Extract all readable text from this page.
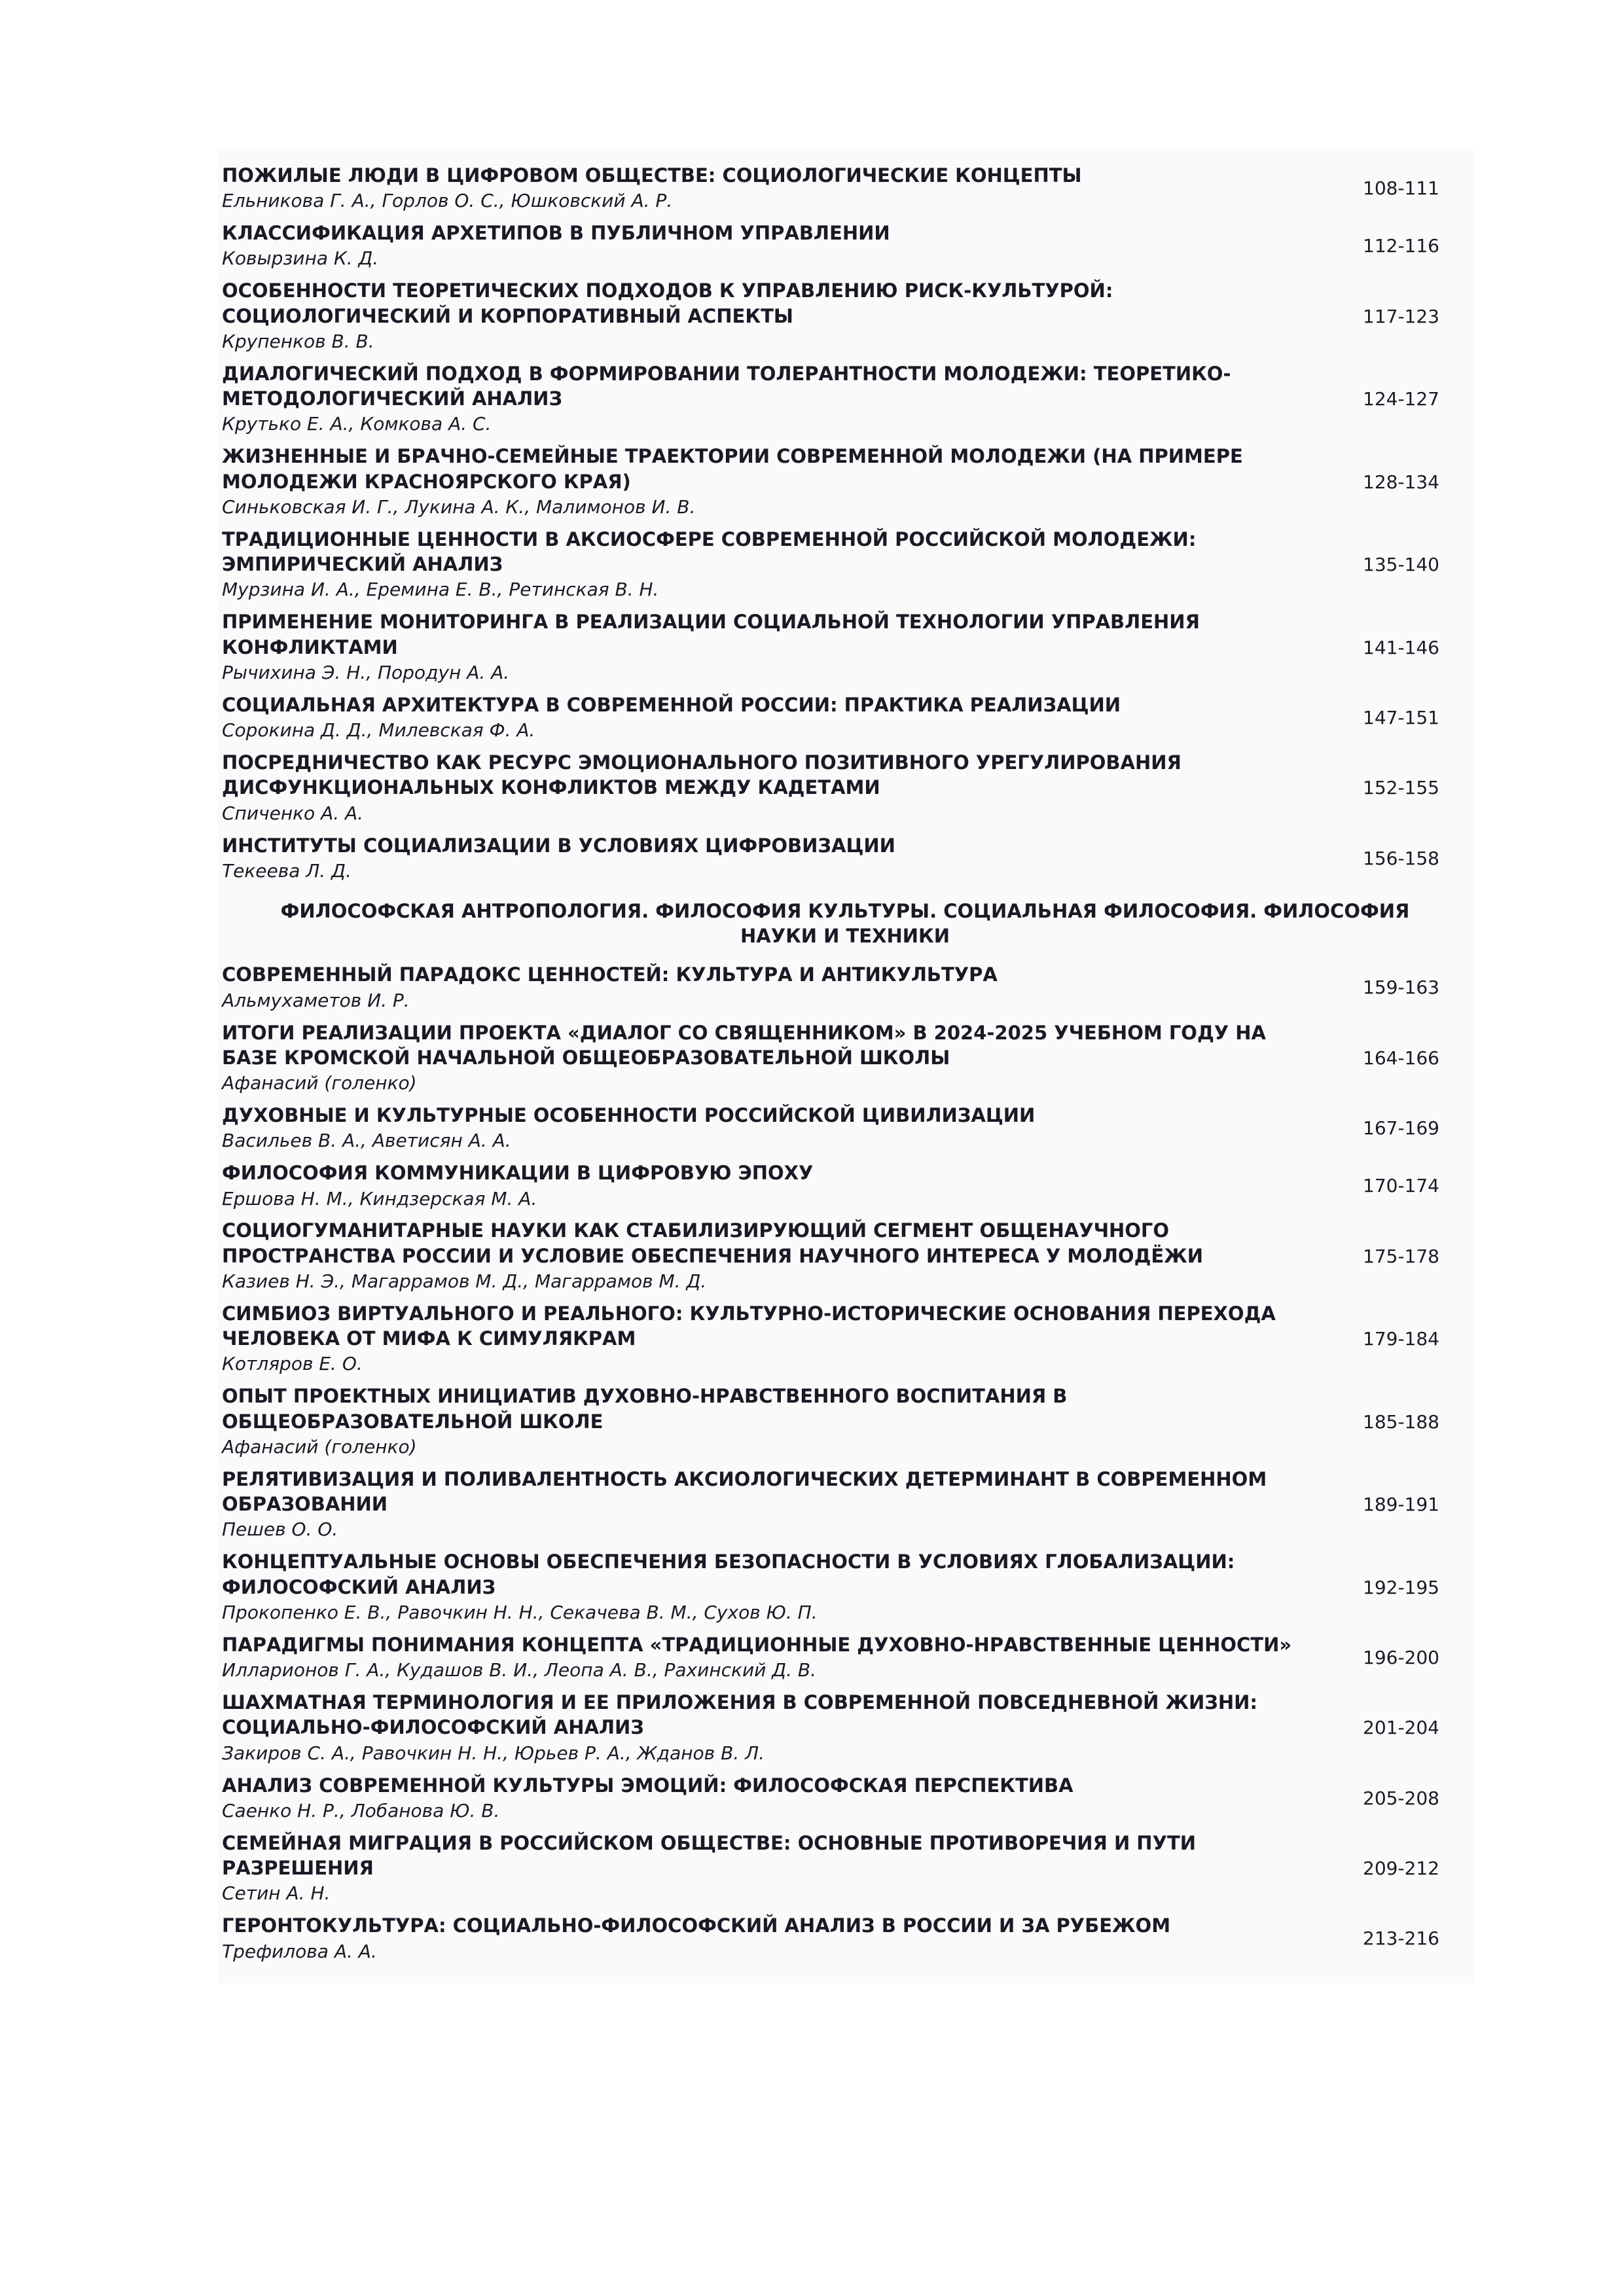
ПОЖИЛЫЕ ЛЮДИ В ЦИФРОВОМ ОБЩЕСТВЕ: СОЦИОЛОГИЧЕСКИЕ КОНЦЕПТЫ
Ельникова Г. А., Горлов О. С., Юшковский А. Р.
108-111
КЛАССИФИКАЦИЯ АРХЕТИПОВ В ПУБЛИЧНОМ УПРАВЛЕНИИ
Ковырзина К. Д.
112-116
ОСОБЕННОСТИ ТЕОРЕТИЧЕСКИХ ПОДХОДОВ К УПРАВЛЕНИЮ РИСК-КУЛЬТУРОЙ: СОЦИОЛОГИЧЕСКИЙ И КОРПОРАТИВНЫЙ АСПЕКТЫ
Крупенков В. В.
117-123
ДИАЛОГИЧЕСКИЙ ПОДХОД В ФОРМИРОВАНИИ ТОЛЕРАНТНОСТИ МОЛОДЕЖИ: ТЕОРЕТИКО-МЕТОДОЛОГИЧЕСКИЙ АНАЛИЗ
Крутько Е. А., Комкова А. С.
124-127
ЖИЗНЕННЫЕ И БРАЧНО-СЕМЕЙНЫЕ ТРАЕКТОРИИ СОВРЕМЕННОЙ МОЛОДЕЖИ (НА ПРИМЕРЕ МОЛОДЕЖИ КРАСНОЯРСКОГО КРАЯ)
Синьковская И. Г., Лукина А. К., Малимонов И. В.
128-134
ТРАДИЦИОННЫЕ ЦЕННОСТИ В АКСИОСФЕРЕ СОВРЕМЕННОЙ РОССИЙСКОЙ МОЛОДЕЖИ: ЭМПИРИЧЕСКИЙ АНАЛИЗ
Мурзина И. А., Еремина Е. В., Ретинская В. Н.
135-140
ПРИМЕНЕНИЕ МОНИТОРИНГА В РЕАЛИЗАЦИИ СОЦИАЛЬНОЙ ТЕХНОЛОГИИ УПРАВЛЕНИЯ КОНФЛИКТАМИ
Рычихина Э. Н., Породун А. А.
141-146
СОЦИАЛЬНАЯ АРХИТЕКТУРА В СОВРЕМЕННОЙ РОССИИ: ПРАКТИКА РЕАЛИЗАЦИИ
Сорокина Д. Д., Милевская Ф. А.
147-151
ПОСРЕДНИЧЕСТВО КАК РЕСУРС ЭМОЦИОНАЛЬНОГО ПОЗИТИВНОГО УРЕГУЛИРОВАНИЯ ДИСФУНКЦИОНАЛЬНЫХ КОНФЛИКТОВ МЕЖДУ КАДЕТАМИ
Спиченко А. А.
152-155
ИНСТИТУТЫ СОЦИАЛИЗАЦИИ В УСЛОВИЯХ ЦИФРОВИЗАЦИИ
Текеева Л. Д.
156-158
ФИЛОСОФСКАЯ АНТРОПОЛОГИЯ. ФИЛОСОФИЯ КУЛЬТУРЫ. СОЦИАЛЬНАЯ ФИЛОСОФИЯ. ФИЛОСОФИЯ НАУКИ И ТЕХНИКИ
СОВРЕМЕННЫЙ ПАРАДОКС ЦЕННОСТЕЙ: КУЛЬТУРА И АНТИКУЛЬТУРА
Альмухаметов И. Р.
159-163
ИТОГИ РЕАЛИЗАЦИИ ПРОЕКТА «ДИАЛОГ СО СВЯЩЕННИКОМ» В 2024-2025 УЧЕБНОМ ГОДУ НА БАЗЕ КРОМСКОЙ НАЧАЛЬНОЙ ОБЩЕОБРАЗОВАТЕЛЬНОЙ ШКОЛЫ
Афанасий (голенко)
164-166
ДУХОВНЫЕ И КУЛЬТУРНЫЕ ОСОБЕННОСТИ РОССИЙСКОЙ ЦИВИЛИЗАЦИИ
Васильев В. А., Аветисян А. А.
167-169
ФИЛОСОФИЯ КОММУНИКАЦИИ В ЦИФРОВУЮ ЭПОХУ
Ершова Н. М., Киндзерская М. А.
170-174
СОЦИОГУМАНИТАРНЫЕ НАУКИ КАК СТАБИЛИЗИРУЮЩИЙ СЕГМЕНТ ОБЩЕНАУЧНОГО ПРОСТРАНСТВА РОССИИ И УСЛОВИЕ ОБЕСПЕЧЕНИЯ НАУЧНОГО ИНТЕРЕСА У МОЛОДЁЖИ
Казиев Н. Э., Магаррамов М. Д., Магаррамов М. Д.
175-178
СИМБИОЗ ВИРТУАЛЬНОГО И РЕАЛЬНОГО: КУЛЬТУРНО-ИСТОРИЧЕСКИЕ ОСНОВАНИЯ ПЕРЕХОДА ЧЕЛОВЕКА ОТ МИФА К СИМУЛЯКРАМ
Котляров Е. О.
179-184
ОПЫТ ПРОЕКТНЫХ ИНИЦИАТИВ ДУХОВНО-НРАВСТВЕННОГО ВОСПИТАНИЯ В ОБЩЕОБРАЗОВАТЕЛЬНОЙ ШКОЛЕ
Афанасий (голенко)
185-188
РЕЛЯТИВИЗАЦИЯ И ПОЛИВАЛЕНТНОСТЬ АКСИОЛОГИЧЕСКИХ ДЕТЕРМИНАНТ В СОВРЕМЕННОМ ОБРАЗОВАНИИ
Пешев О. О.
189-191
КОНЦЕПТУАЛЬНЫЕ ОСНОВЫ ОБЕСПЕЧЕНИЯ БЕЗОПАСНОСТИ В УСЛОВИЯХ ГЛОБАЛИЗАЦИИ: ФИЛОСОФСКИЙ АНАЛИЗ
Прокопенко Е. В., Равочкин Н. Н., Секачева В. М., Сухов Ю. П.
192-195
ПАРАДИГМЫ ПОНИМАНИЯ КОНЦЕПТА «ТРАДИЦИОННЫЕ ДУХОВНО-НРАВСТВЕННЫЕ ЦЕННОСТИ»
Илларионов Г. А., Кудашов В. И., Леопа А. В., Рахинский Д. В.
196-200
ШАХМАТНАЯ ТЕРМИНОЛОГИЯ И ЕЕ ПРИЛОЖЕНИЯ В СОВРЕМЕННОЙ ПОВСЕДНЕВНОЙ ЖИЗНИ: СОЦИАЛЬНО-ФИЛОСОФСКИЙ АНАЛИЗ
Закиров С. А., Равочкин Н. Н., Юрьев Р. А., Жданов В. Л.
201-204
АНАЛИЗ СОВРЕМЕННОЙ КУЛЬТУРЫ ЭМОЦИЙ: ФИЛОСОФСКАЯ ПЕРСПЕКТИВА
Саенко Н. Р., Лобанова Ю. В.
205-208
СЕМЕЙНАЯ МИГРАЦИЯ В РОССИЙСКОМ ОБЩЕСТВЕ: ОСНОВНЫЕ ПРОТИВОРЕЧИЯ И ПУТИ РАЗРЕШЕНИЯ
Сетин А. Н.
209-212
ГЕРОНТОКУЛЬТУРА: СОЦИАЛЬНО-ФИЛОСОФСКИЙ АНАЛИЗ В РОССИИ И ЗА РУБЕЖОМ
Трефилова А. А.
213-216
